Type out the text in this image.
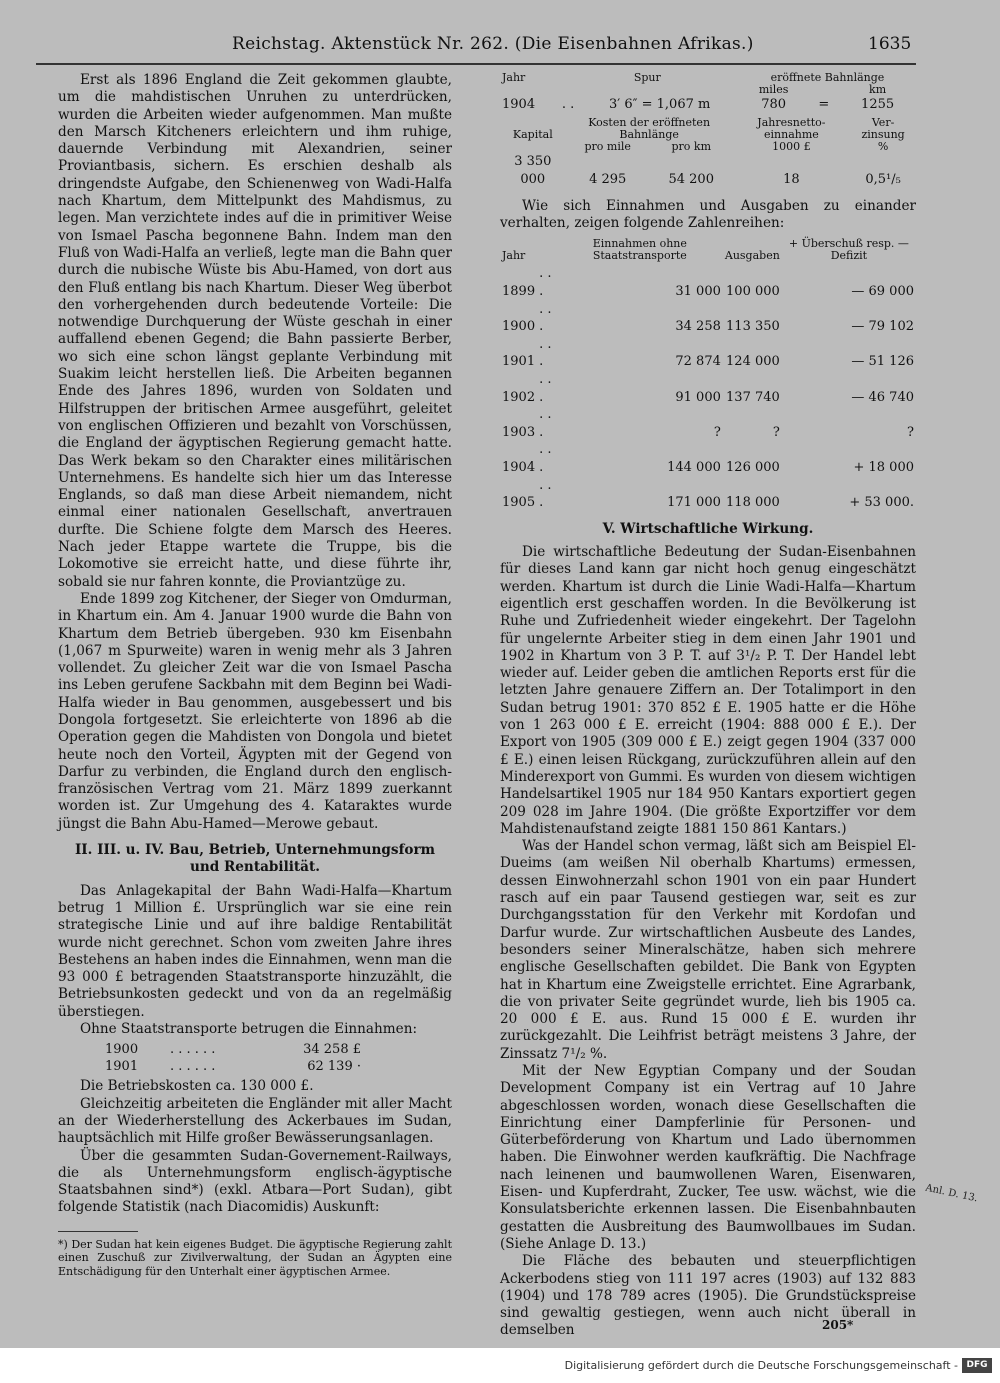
Reichstag. Aktenstück Nr. 262. (Die Eisenbahnen Afrikas.)	1635

Erst als 1896 England die Zeit gekommen glaubte, um die mahdistischen Unruhen zu unterdrücken, wurden die Arbeiten wieder aufgenommen. Man mußte den Marsch Kitcheners erleichtern und ihm ruhige, dauernde Verbindung mit Alexandrien, seiner Proviantbasis, sichern. Es erschien deshalb als dringendste Aufgabe, den Schienenweg von Wadi-Halfa nach Khartum, dem Mittelpunkt des Mahdismus, zu legen. Man verzichtete indes auf die in primitiver Weise von Ismael Pascha begonnene Bahn. Indem man den Fluß von Wadi-Halfa an verließ, legte man die Bahn quer durch die nubische Wüste bis Abu-Hamed, von dort aus den Fluß entlang bis nach Khartum. Dieser Weg überbot den vorhergehenden durch bedeutende Vorteile: Die notwendige Durchquerung der Wüste geschah in einer auffallend ebenen Gegend; die Bahn passierte Berber, wo sich eine schon längst geplante Verbindung mit Suakim leicht herstellen ließ. Die Arbeiten begannen Ende des Jahres 1896, wurden von Soldaten und Hilfstruppen der britischen Armee ausgeführt, geleitet von englischen Offizieren und bezahlt von Vorschüssen, die England der ägyptischen Regierung gemacht hatte. Das Werk bekam so den Charakter eines militärischen Unternehmens. Es handelte sich hier um das Interesse Englands, so daß man diese Arbeit niemandem, nicht einmal einer nationalen Gesellschaft, anvertrauen durfte. Die Schiene folgte dem Marsch des Heeres. Nach jeder Etappe wartete die Truppe, bis die Lokomotive sie erreicht hatte, und diese führte ihr, sobald sie nur fahren konnte, die Proviantzüge zu.

Ende 1899 zog Kitchener, der Sieger von Omdurman, in Khartum ein. Am 4. Januar 1900 wurde die Bahn von Khartum dem Betrieb übergeben. 930 km Eisenbahn (1,067 m Spurweite) waren in wenig mehr als 3 Jahren vollendet. Zu gleicher Zeit war die von Ismael Pascha ins Leben gerufene Sackbahn mit dem Beginn bei Wadi-Halfa wieder in Bau genommen, ausgebessert und bis Dongola fortgesetzt. Sie erleichterte von 1896 ab die Operation gegen die Mahdisten von Dongola und bietet heute noch den Vorteil, Ägypten mit der Gegend von Darfur zu verbinden, die England durch den englisch-französischen Vertrag vom 21. März 1899 zuerkannt worden ist. Zur Umgehung des 4. Kataraktes wurde jüngst die Bahn Abu-Hamed—Merowe gebaut.

II. III. u. IV. Bau, Betrieb, Unternehmungsform und Rentabilität.

Das Anlagekapital der Bahn Wadi-Halfa—Khartum betrug 1 Million £. Ursprünglich war sie eine rein strategische Linie und auf ihre baldige Rentabilität wurde nicht gerechnet. Schon vom zweiten Jahre ihres Bestehens an haben indes die Einnahmen, wenn man die 93 000 £ betragenden Staatstransporte hinzuzählt, die Betriebsunkosten gedeckt und von da an regelmäßig überstiegen.

Ohne Staatstransporte betrugen die Einnahmen:

1900	. . . . . .	34 258 £
1901	. . . . . .	62 139 ·

Die Betriebskosten ca. 130 000 £.

Gleichzeitig arbeiteten die Engländer mit aller Macht an der Wiederherstellung des Ackerbaues im Sudan, hauptsächlich mit Hilfe großer Bewässerungsanlagen.

Über die gesammten Sudan-Governement-Railways, die als Unternehmungsform englisch-ägyptische Staatsbahnen sind*) (exkl. Atbara—Port Sudan), gibt folgende Statistik (nach Diacomidis) Auskunft:

*) Der Sudan hat kein eigenes Budget. Die ägyptische Regierung zahlt einen Zuschuß zur Zivilverwaltung, der Sudan an Ägypten eine Entschädigung für den Unterhalt einer ägyptischen Armee.
Jahr	Spur		eröffnete Bahnlänge		
			miles		km
1904	. .	3′ 6″ = 1,067 m	780	=	1255
Kapital	Kosten der eröffneten Bahnlänge		Jahresnetto-einnahme	Ver-zinsung
	pro mile	pro km	1000 £	%
3 350 000	4 295	54 200	18	0,5¹/₅

Wie sich Einnahmen und Ausgaben zu einander verhalten, zeigen folgende Zahlenreihen:

Jahr		Einnahmen ohne Staatstransporte	Ausgaben	+ Überschuß resp. — Defizit
1899	. . .	31 000	100 000	— 69 000
1900	. . .	34 258	113 350	— 79 102
1901	. . .	72 874	124 000	— 51 126
1902	. . .	91 000	137 740	— 46 740
1903	. . .	?	?	?
1904	. . .	144 000	126 000	+ 18 000
1905	. . .	171 000	118 000	+ 53 000.
V. Wirtschaftliche Wirkung.

Die wirtschaftliche Bedeutung der Sudan-Eisenbahnen für dieses Land kann gar nicht hoch genug eingeschätzt werden. Khartum ist durch die Linie Wadi-Halfa—Khartum eigentlich erst geschaffen worden. In die Bevölkerung ist Ruhe und Zufriedenheit wieder eingekehrt. Der Tagelohn für ungelernte Arbeiter stieg in dem einen Jahr 1901 und 1902 in Khartum von 3 P. T. auf 3¹/₂ P. T. Der Handel lebt wieder auf. Leider geben die amtlichen Reports erst für die letzten Jahre genauere Ziffern an. Der Totalimport in den Sudan betrug 1901: 370 852 £ E. 1905 hatte er die Höhe von 1 263 000 £ E. erreicht (1904: 888 000 £ E.). Der Export von 1905 (309 000 £ E.) zeigt gegen 1904 (337 000 £ E.) einen leisen Rückgang, zurückzuführen allein auf den Minderexport von Gummi. Es wurden von diesem wichtigen Handelsartikel 1905 nur 184 950 Kantars exportiert gegen 209 028 im Jahre 1904. (Die größte Exportziffer vor dem Mahdistenaufstand zeigte 1881 150 861 Kantars.)

Was der Handel schon vermag, läßt sich am Beispiel El-Dueims (am weißen Nil oberhalb Khartums) ermessen, dessen Einwohnerzahl schon 1901 von ein paar Hundert rasch auf ein paar Tausend gestiegen war, seit es zur Durchgangsstation für den Verkehr mit Kordofan und Darfur wurde. Zur wirtschaftlichen Ausbeute des Landes, besonders seiner Mineralschätze, haben sich mehrere englische Gesellschaften gebildet. Die Bank von Egypten hat in Khartum eine Zweigstelle errichtet. Eine Agrarbank, die von privater Seite gegründet wurde, lieh bis 1905 ca. 20 000 £ E. aus. Rund 15 000 £ E. wurden ihr zurückgezahlt. Die Leihfrist beträgt meistens 3 Jahre, der Zinssatz 7¹/₂ %.

Mit der New Egyptian Company und der Soudan Development Company ist ein Vertrag auf 10 Jahre abgeschlossen worden, wonach diese Gesellschaften die Einrichtung einer Dampferlinie für Personen- und Güterbeförderung von Khartum und Lado übernommen haben. Die Einwohner werden kaufkräftig. Die Nachfrage nach leinenen und baumwollenen Waren, Eisenwaren, Eisen- und Kupferdraht, Zucker, Tee usw. wächst, wie die Konsulatsberichte erkennen lassen. Die Eisenbahnbauten gestatten die Ausbreitung des Baumwollbaues im Sudan. (Siehe Anlage D. 13.)

Die Fläche des bebauten und steuerpflichtigen Ackerbodens stieg von 111 197 acres (1903) auf 132 883 (1904) und 178 789 acres (1905). Die Grundstückspreise sind gewaltig gestiegen, wenn auch nicht überall in demselben

Anl. D. 13.
205*
Digitalisierung gefördert durch die Deutsche Forschungsgemeinschaft - DFG
